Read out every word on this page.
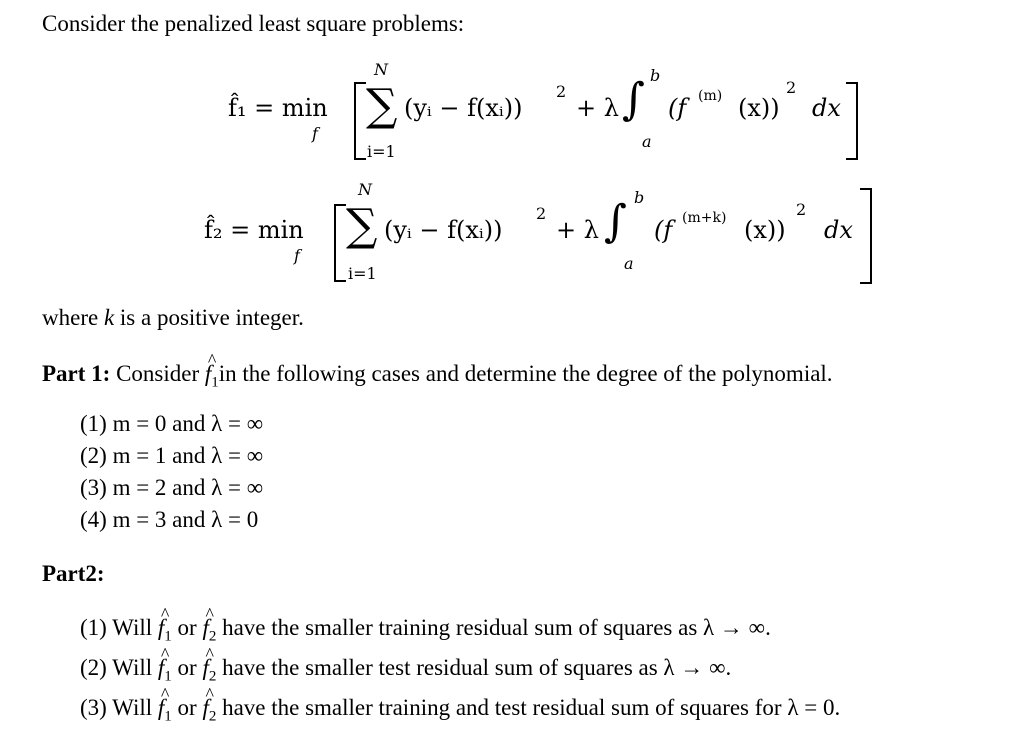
Consider the penalized least square problems:
f̂₁ = min
f
N
∑
i=1
(yᵢ − f(xᵢ))
2
+ λ
b
∫
a
(f (m) (x))
2
dx
f̂₂ = min
f
N
∑
i=1
(yᵢ − f(xᵢ))
2
+ λ
b
∫
a
(f (m+k) (x))
2
dx
where k is a positive integer.
Part 1: Consider
^
$f_1in$ the following cases and determine the degree of the polynomial.
(1) m = 0 and λ = ∞
(2) m = 1 and λ = ∞
(3) m = 2 and λ = ∞
(4) m = 3 and λ = 0
Part2:
(1) Will
^
$f_1$ or
^
$f_2$ have the smaller training residual sum of squares as λ → ∞.
(2) Will
^
$f_1$ or
^
$f_2$ have the smaller test residual sum of squares as λ → ∞.
(3) Will
^
$f_1$ or
^
$f_2$ have the smaller training and test residual sum of squares for λ = 0.
